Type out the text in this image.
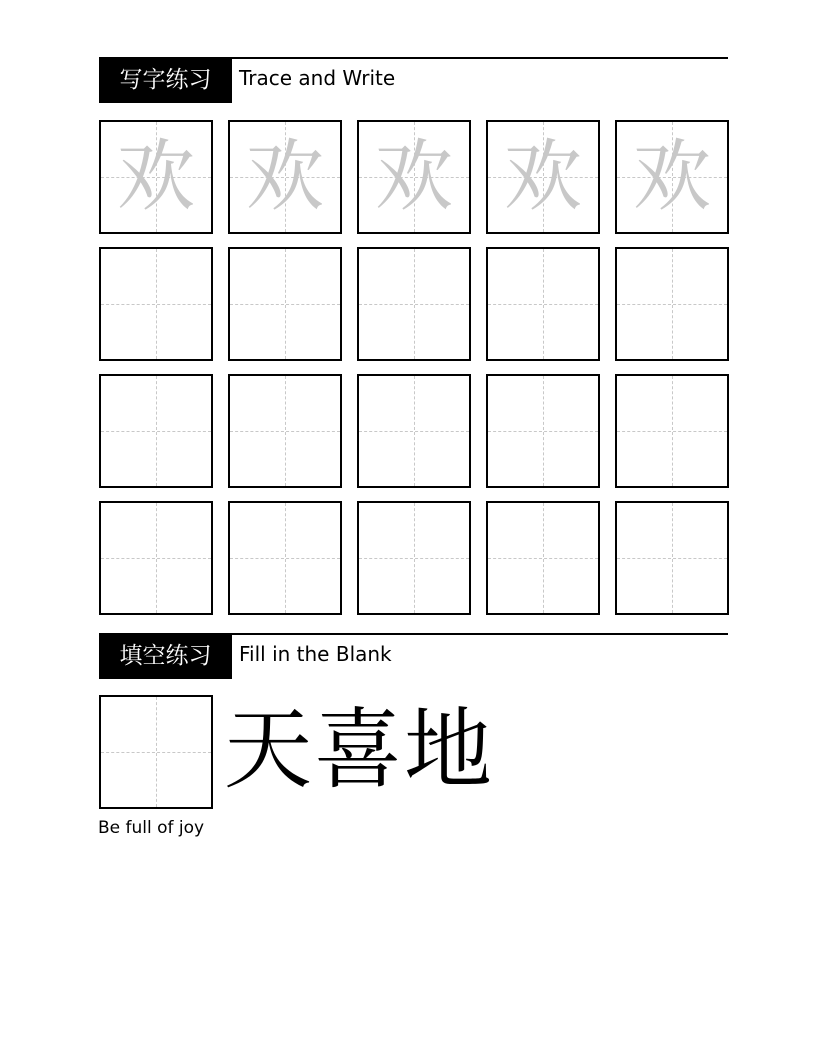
写字练习	Trace and Write
欢 欢 欢 欢 欢
填空练习	Fill in the Blank
天喜地
Be full of joy
